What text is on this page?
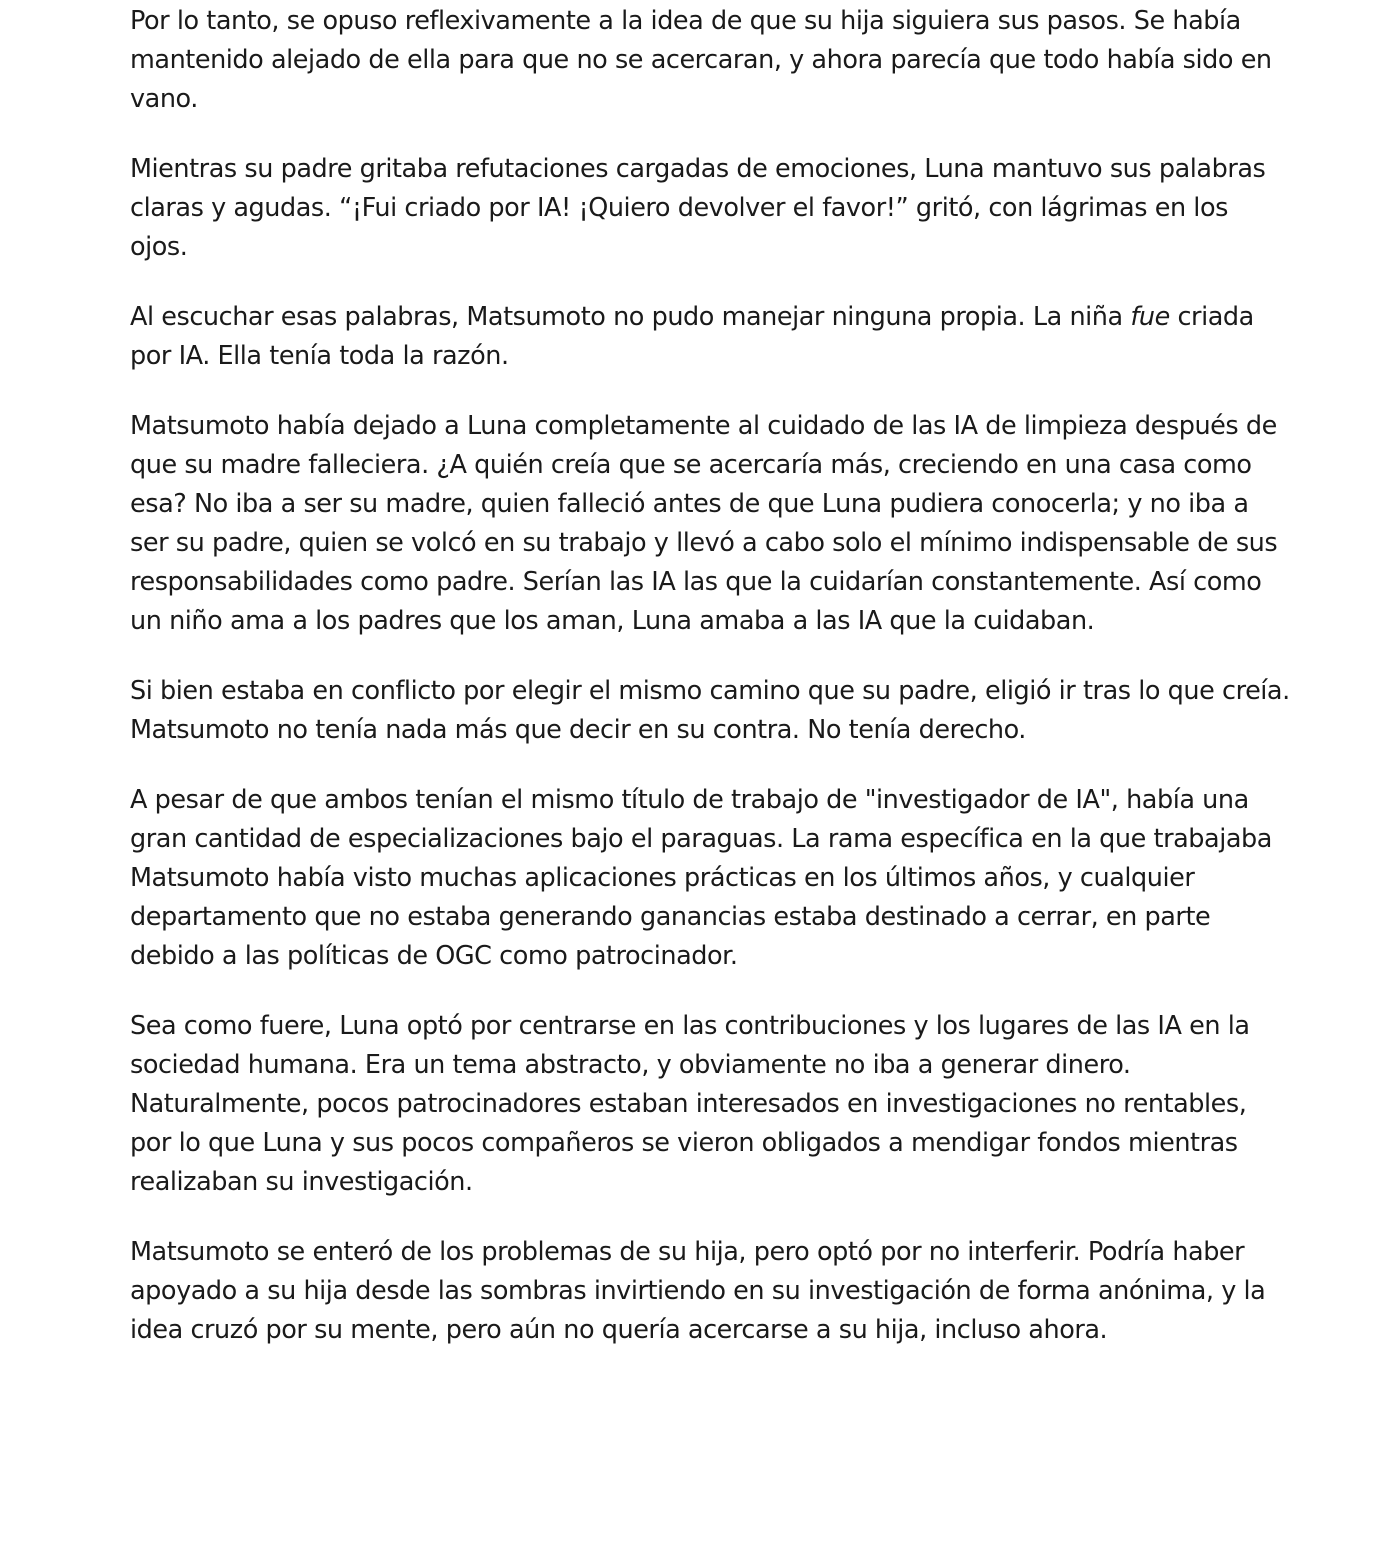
Por lo tanto, se opuso reflexivamente a la idea de que su hija siguiera sus pasos. Se había mantenido alejado de ella para que no se acercaran, y ahora parecía que todo había sido en vano.

Mientras su padre gritaba refutaciones cargadas de emociones, Luna mantuvo sus palabras claras y agudas. “¡Fui criado por IA! ¡Quiero devolver el favor!” gritó, con lágrimas en los ojos.

Al escuchar esas palabras, Matsumoto no pudo manejar ninguna propia. La niña fue criada por IA. Ella tenía toda la razón.

Matsumoto había dejado a Luna completamente al cuidado de las IA de limpieza después de que su madre falleciera. ¿A quién creía que se acercaría más, creciendo en una casa como esa? No iba a ser su madre, quien falleció antes de que Luna pudiera conocerla; y no iba a ser su padre, quien se volcó en su trabajo y llevó a cabo solo el mínimo indispensable de sus responsabilidades como padre. Serían las IA las que la cuidarían constantemente. Así como un niño ama a los padres que los aman, Luna amaba a las IA que la cuidaban.

Si bien estaba en conflicto por elegir el mismo camino que su padre, eligió ir tras lo que creía. Matsumoto no tenía nada más que decir en su contra. No tenía derecho.

A pesar de que ambos tenían el mismo título de trabajo de "investigador de IA", había una gran cantidad de especializaciones bajo el paraguas. La rama específica en la que trabajaba Matsumoto había visto muchas aplicaciones prácticas en los últimos años, y cualquier departamento que no estaba generando ganancias estaba destinado a cerrar, en parte debido a las políticas de OGC como patrocinador.

Sea como fuere, Luna optó por centrarse en las contribuciones y los lugares de las IA en la sociedad humana. Era un tema abstracto, y obviamente no iba a generar dinero. Naturalmente, pocos patrocinadores estaban interesados en investigaciones no rentables, por lo que Luna y sus pocos compañeros se vieron obligados a mendigar fondos mientras realizaban su investigación.

Matsumoto se enteró de los problemas de su hija, pero optó por no interferir. Podría haber apoyado a su hija desde las sombras invirtiendo en su investigación de forma anónima, y la idea cruzó por su mente, pero aún no quería acercarse a su hija, incluso ahora.
